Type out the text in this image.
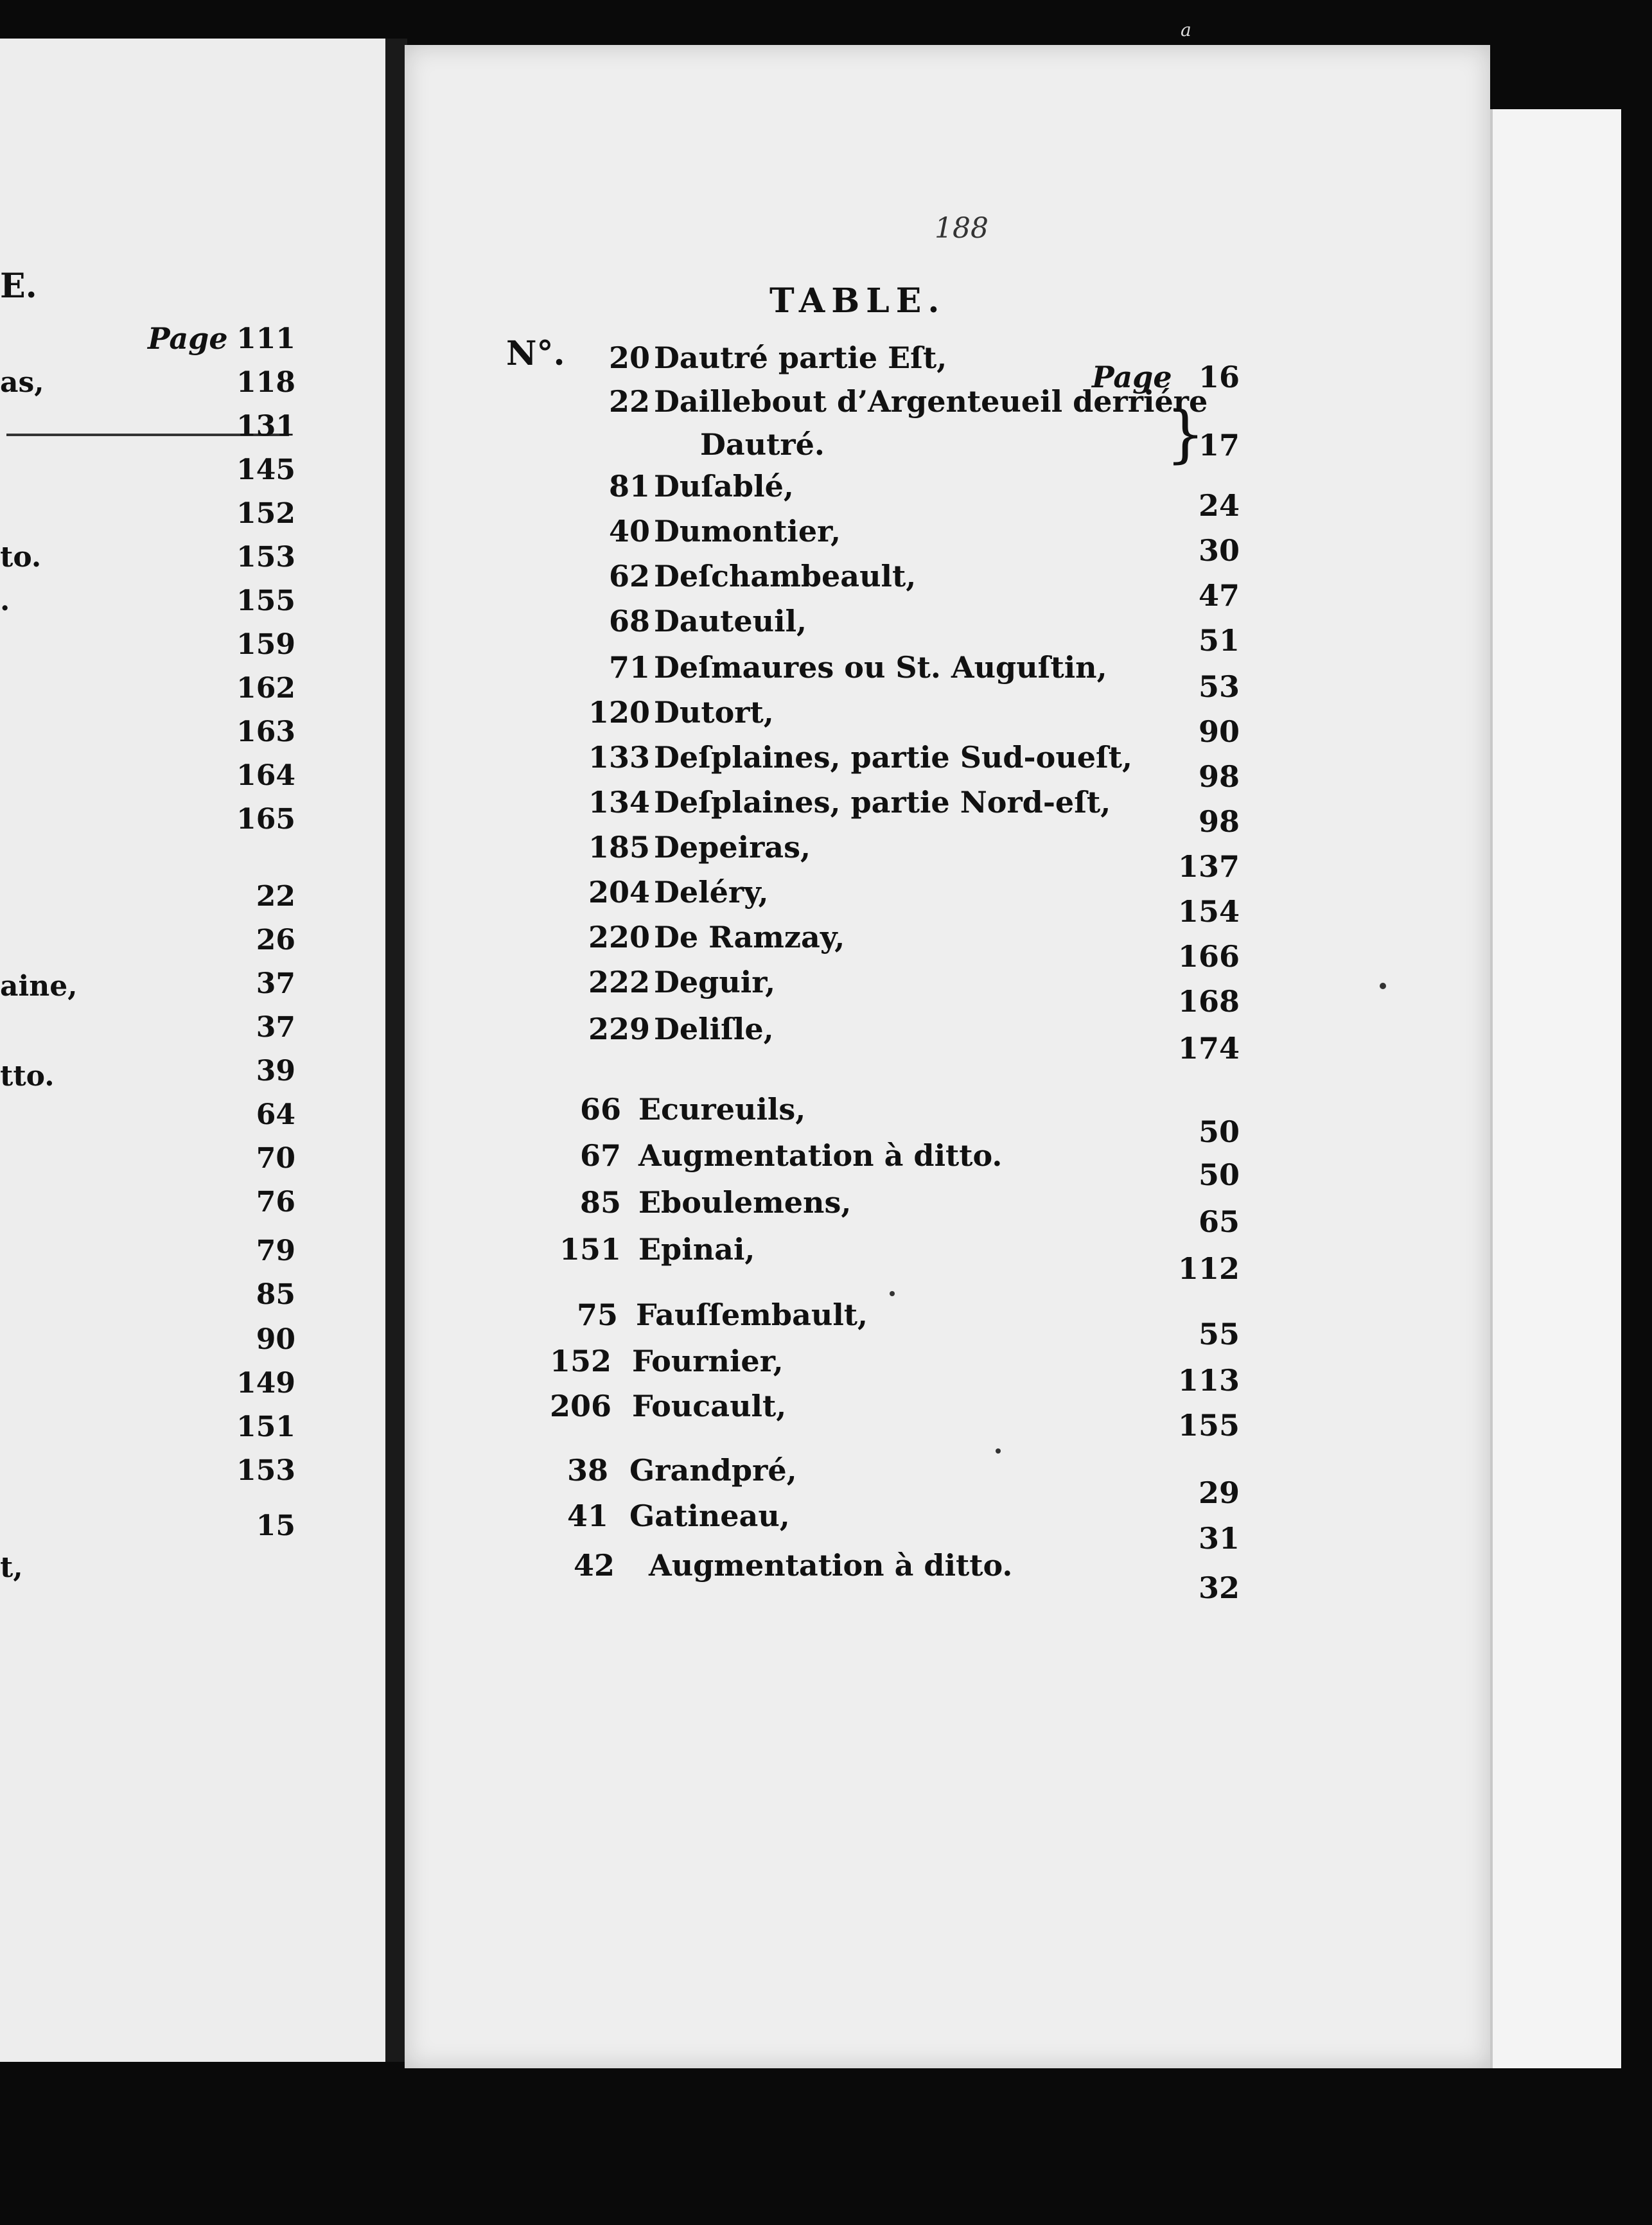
E.
Page 111
118
131
145
152
153
155
159
162
163
164
165
22
26
37
37
39
64
70
76
79
85
90
149
151
153
15
as,
to.
.
aine,
tto.
t,
a
188
TABLE.
N°.
Page
20 Dautré partie Eſt,
16
22 Daillebout d’Argenteueil derriére
17
Dautré.	}
81 Duſablé,
24
40 Dumontier,
30
62 Deſchambeault,
47
68 Dauteuil,
51
71 Deſmaures ou St. Auguſtin,
53
120 Dutort,
90
133 Deſplaines, partie Sud-oueſt,
98
134 Deſplaines, partie Nord-eſt,
98
185 Depeiras,
137
204 Deléry,
154
220 De Ramzay,
166
222 Deguir,
168
229 Deliſle,
174
66 Ecureuils,
50
67 Augmentation à ditto.
50
85 Eboulemens,
65
151 Epinai,
112
75 Fauſſembault,
55
152 Fournier,
113
206 Foucault,
155
38 Grandpré,
29
41 Gatineau,
31
42 Augmentation à ditto.
32
